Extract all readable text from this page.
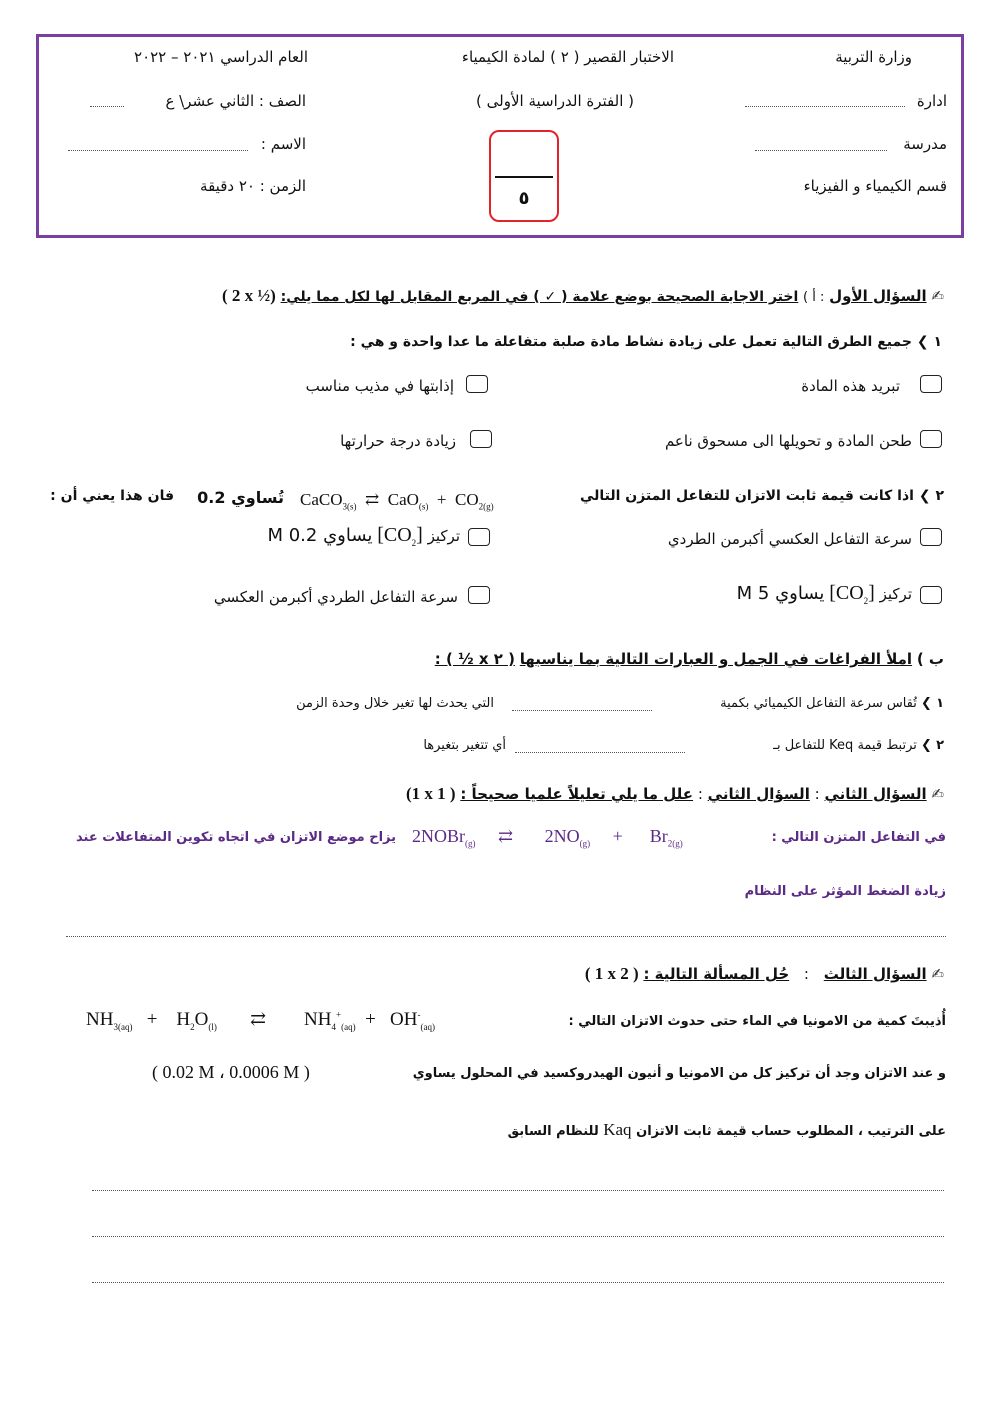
وزارة التربية
ادارة
مدرسة
قسم الكيمياء و الفيزياء
الاختبار القصير ( ٢ ) لمادة الكيمياء
( الفترة الدراسية الأولى )
٥
العام الدراسي ٢٠٢١ – ٢٠٢٢
الصف : الثاني عشر\ ع
الاسم :
الزمن : ٢٠ دقيقة
✍ السؤال الأول : أ ) اختر الاجابة الصحيحة بوضع علامة ( ✓ ) في المربع المقابل لها لكل مما يلي: ( 2 x ½)
١ ❯ جميع الطرق التالية تعمل على زيادة نشاط مادة صلبة متفاعلة ما عدا واحدة و هي :
تبريد هذه المادة
إذابتها في مذيب مناسب
طحن المادة و تحويلها الى مسحوق ناعم
زيادة درجة حرارتها
٢ ❯ اذا كانت قيمة ثابت الاتزان للتفاعل المتزن التالي
CaCO$_{3(s)}$  ⇄  $CaO_{(s)} + CO_{2(g)}$
تُساوي 0.2
فان هذا يعني أن :
سرعة التفاعل العكسي أكبرمن الطردي
تركيز $[CO_2]$ يساوي 0.2 M
تركيز $[CO_2]$ يساوي 5 M
سرعة التفاعل الطردي أكبرمن العكسي
ب ) املأ الفراغات في الجمل و العبارات التالية بما يناسبها ( ٢ x ½ ) :
١ ❯ تُقاس سرعة التفاعل الكيميائي بكمية
التي يحدث لها تغير خلال وحدة الزمن
٢ ❯ ترتبط قيمة Keq للتفاعل بـ
أي تتغير بتغيرها
✍ السؤال الثاني : السؤال الثاني : علل ما يلي تعليلاً علميا صحيحاً : (1 x 1 )
في التفاعل المتزن التالي :
2NOBr$_{(g)}$     ⇄       $2NO_{(g)}$     +      $Br_{2(g)}$
يزاح موضع الاتزان في اتجاه تكوين المتفاعلات عند
زيادة الضغط المؤثر على النظام
✍ السؤال الثالث : حُل المسألة التالية : ( 1 x 2 )
أُذيبتَ كمية من الامونيا في الماء حتى حدوث الاتزان التالي :
$NH_{3(aq)}$   +    $H_2O_{(l)}$       ⇄        $NH_4^+_{(aq)} + OH^-_{(aq)}$
و عند الاتزان وجد أن تركيز كل من الامونيا و أنيون الهيدروكسيد في المحلول يساوي
( 0.02 M ، 0.0006 M )
على الترتيب ، المطلوب حساب قيمة ثابت الاتزان Kaq للنظام السابق
